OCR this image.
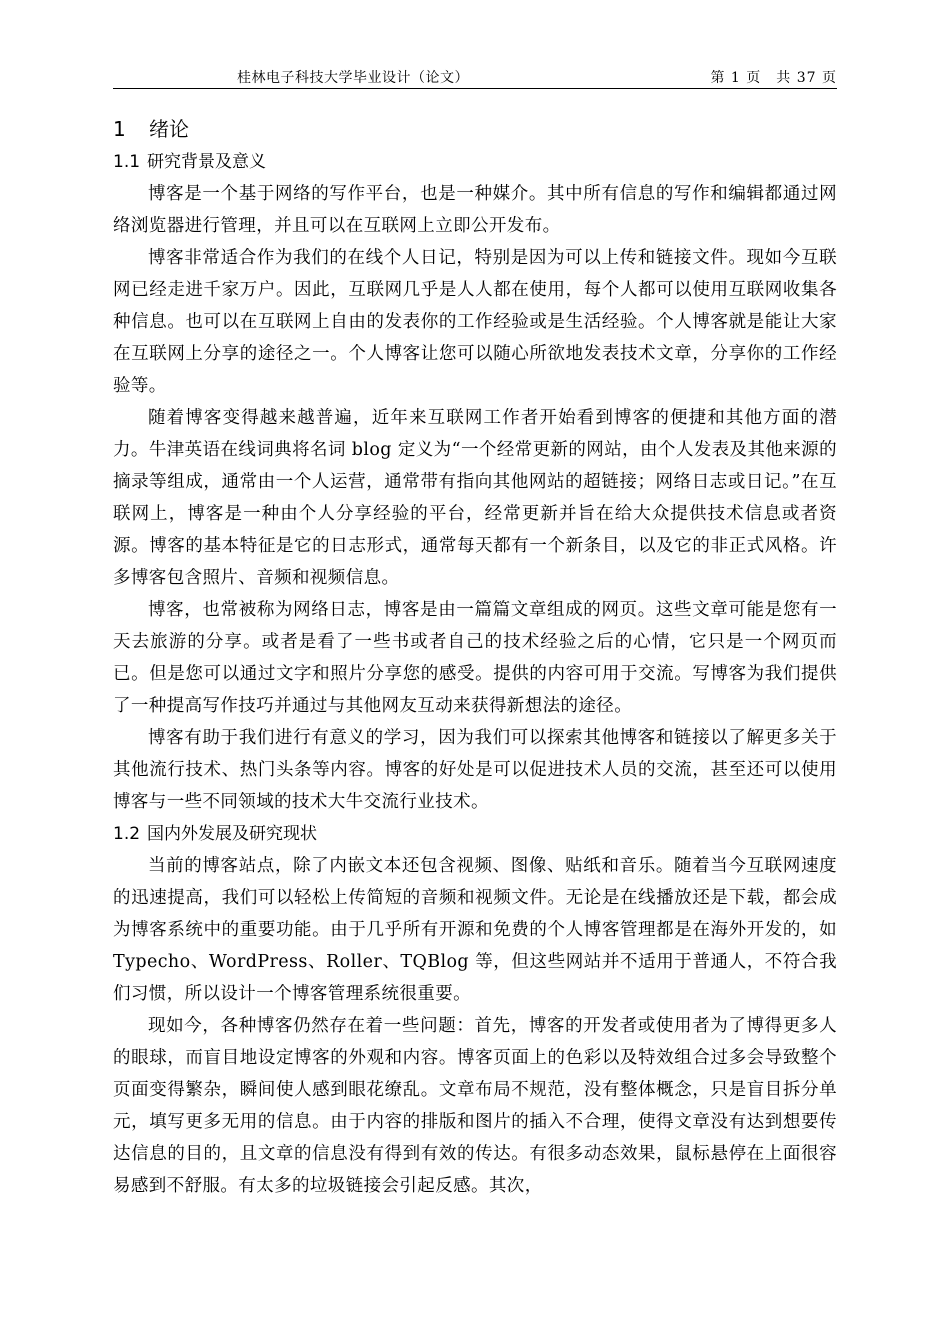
桂林电子科技大学毕业设计（论文）	第 1 页　共 37 页
1 绪论
1.1 研究背景及意义

博客是一个基于网络的写作平台，也是一种媒介。其中所有信息的写作和编辑都通过网络浏览器进行管理，并且可以在互联网上立即公开发布。

博客非常适合作为我们的在线个人日记，特别是因为可以上传和链接文件。现如今互联网已经走进千家万户。因此，互联网几乎是人人都在使用，每个人都可以使用互联网收集各种信息。也可以在互联网上自由的发表你的工作经验或是生活经验。个人博客就是能让大家在互联网上分享的途径之一。个人博客让您可以随心所欲地发表技术文章，分享你的工作经验等。

随着博客变得越来越普遍，近年来互联网工作者开始看到博客的便捷和其他方面的潜力。牛津英语在线词典将名词 blog 定义为“一个经常更新的网站，由个人发表及其他来源的摘录等组成，通常由一个人运营，通常带有指向其他网站的超链接；网络日志或日记。”在互联网上，博客是一种由个人分享经验的平台，经常更新并旨在给大众提供技术信息或者资源。博客的基本特征是它的日志形式，通常每天都有一个新条目，以及它的非正式风格。许多博客包含照片、音频和视频信息。

博客，也常被称为网络日志，博客是由一篇篇文章组成的网页。这些文章可能是您有一天去旅游的分享。或者是看了一些书或者自己的技术经验之后的心情，它只是一个网页而已。但是您可以通过文字和照片分享您的感受。提供的内容可用于交流。写博客为我们提供了一种提高写作技巧并通过与其他网友互动来获得新想法的途径。

博客有助于我们进行有意义的学习，因为我们可以探索其他博客和链接以了解更多关于其他流行技术、热门头条等内容。博客的好处是可以促进技术人员的交流，甚至还可以使用博客与一些不同领域的技术大牛交流行业技术。

1.2 国内外发展及研究现状

当前的博客站点，除了内嵌文本还包含视频、图像、贴纸和音乐。随着当今互联网速度的迅速提高，我们可以轻松上传简短的音频和视频文件。无论是在线播放还是下载，都会成为博客系统中的重要功能。由于几乎所有开源和免费的个人博客管理都是在海外开发的，如 Typecho、WordPress、Roller、TQBlog 等，但这些网站并不适用于普通人，不符合我们习惯，所以设计一个博客管理系统很重要。

现如今，各种博客仍然存在着一些问题：首先，博客的开发者或使用者为了博得更多人的眼球，而盲目地设定博客的外观和内容。博客页面上的色彩以及特效组合过多会导致整个页面变得繁杂，瞬间使人感到眼花缭乱。文章布局不规范，没有整体概念，只是盲目拆分单元，填写更多无用的信息。由于内容的排版和图片的插入不合理，使得文章没有达到想要传达信息的目的，且文章的信息没有得到有效的传达。有很多动态效果，鼠标悬停在上面很容易感到不舒服。有太多的垃圾链接会引起反感。其次，
